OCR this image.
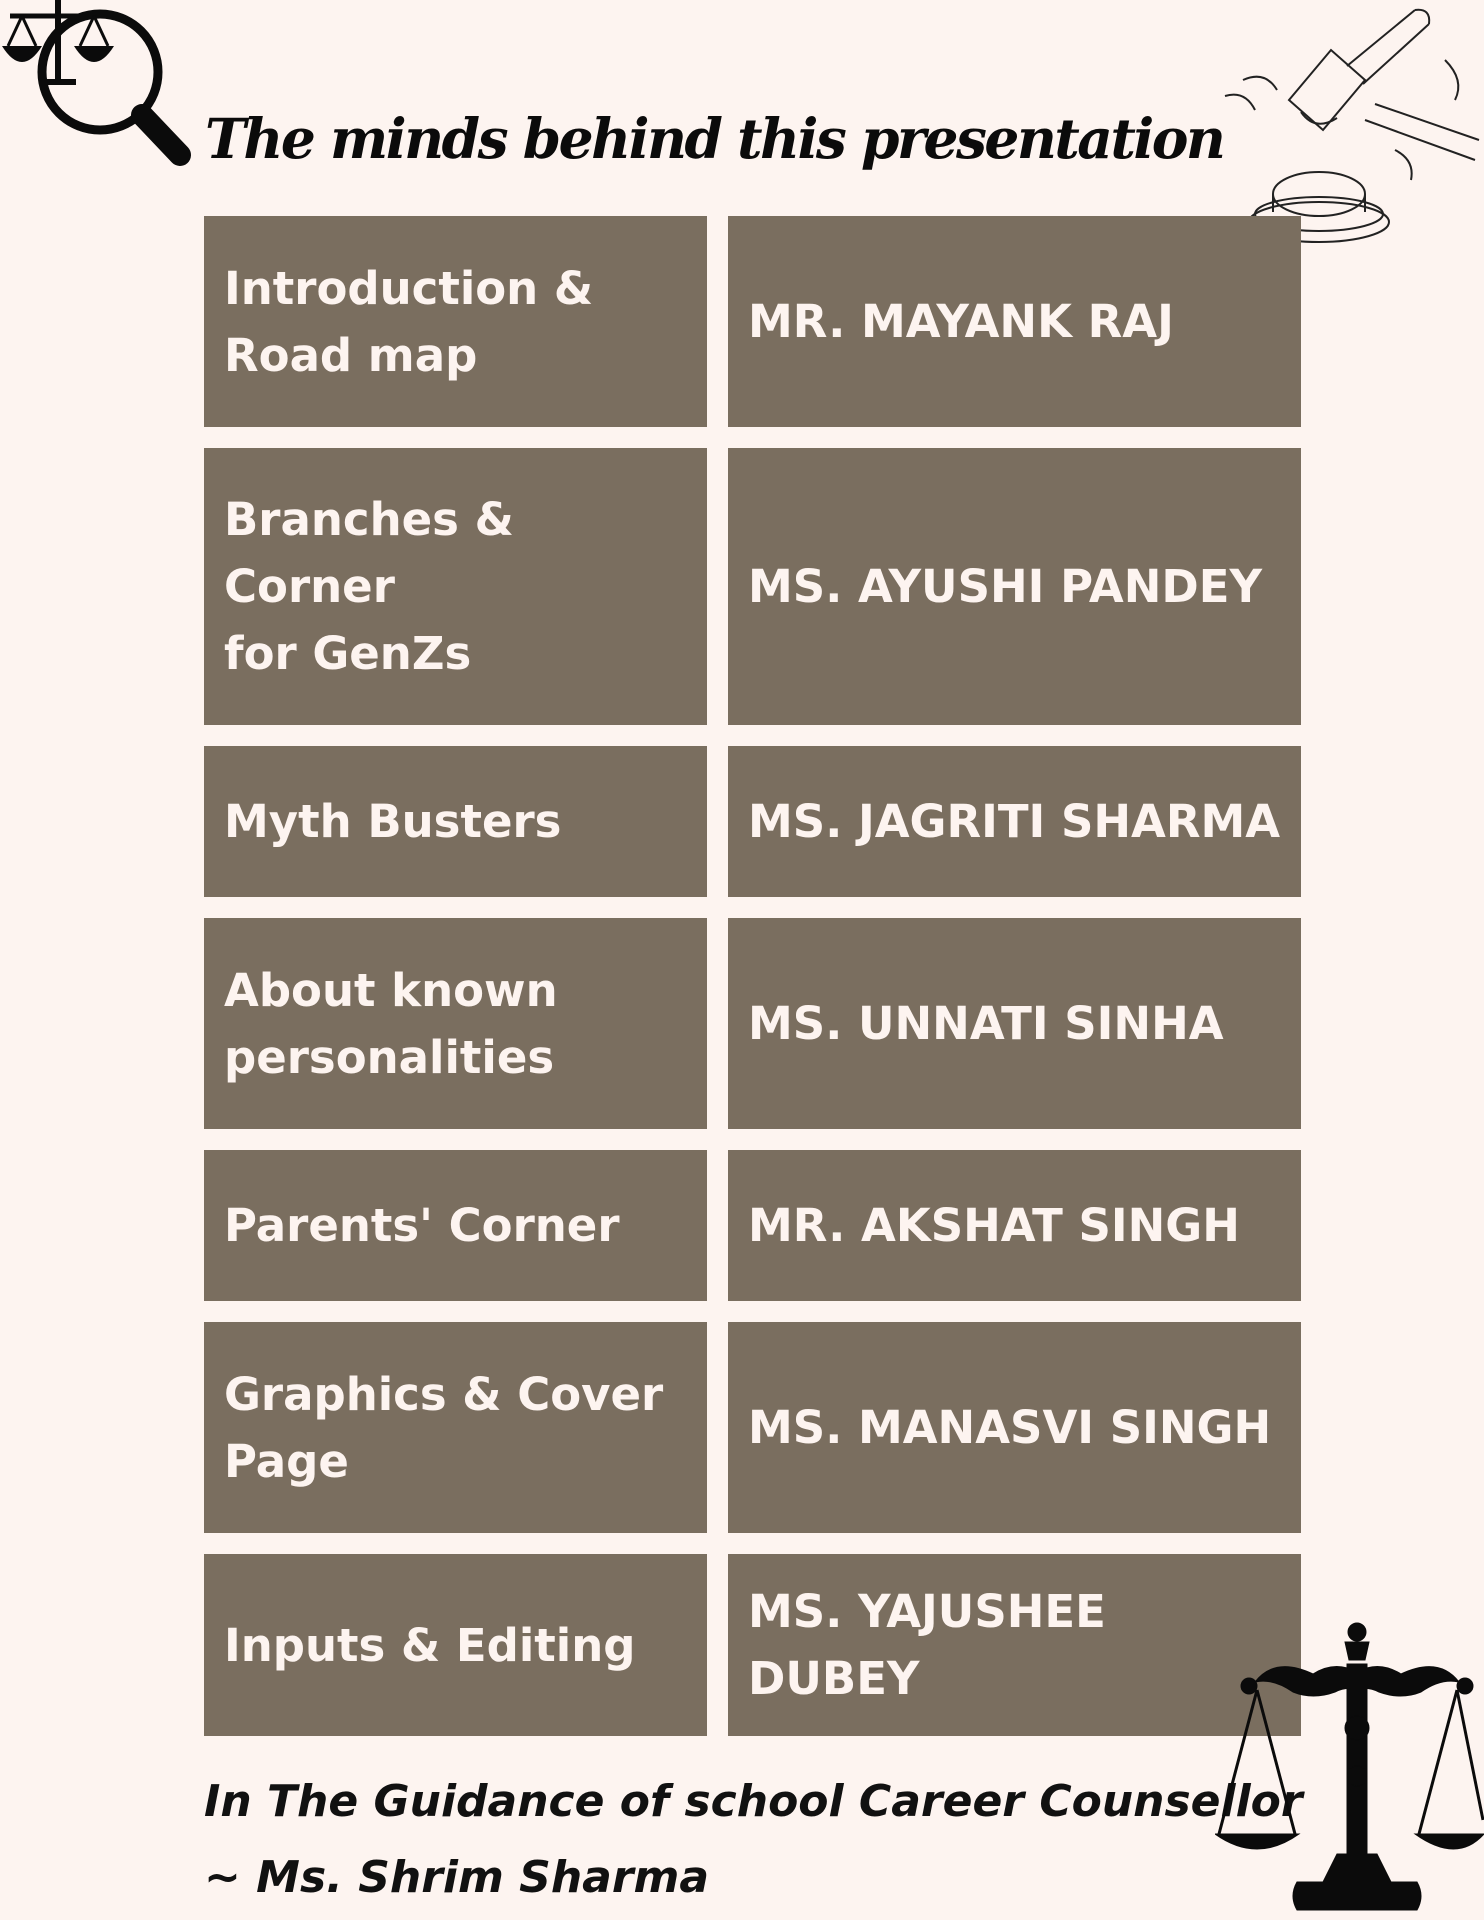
The minds behind this presentation
Introduction &
Road map
MR. MAYANK RAJ
Branches & Corner
for GenZs
MS. AYUSHI PANDEY
Myth Busters	MS. JAGRITI SHARMA
About known
personalities
MS. UNNATI SINHA
Parents' Corner	MR. AKSHAT SINGH
Graphics & Cover
Page
MS. MANASVI SINGH
Inputs & Editing
MS. YAJUSHEE
DUBEY
In The Guidance of school Career Counsellor
~ Ms. Shrim Sharma
